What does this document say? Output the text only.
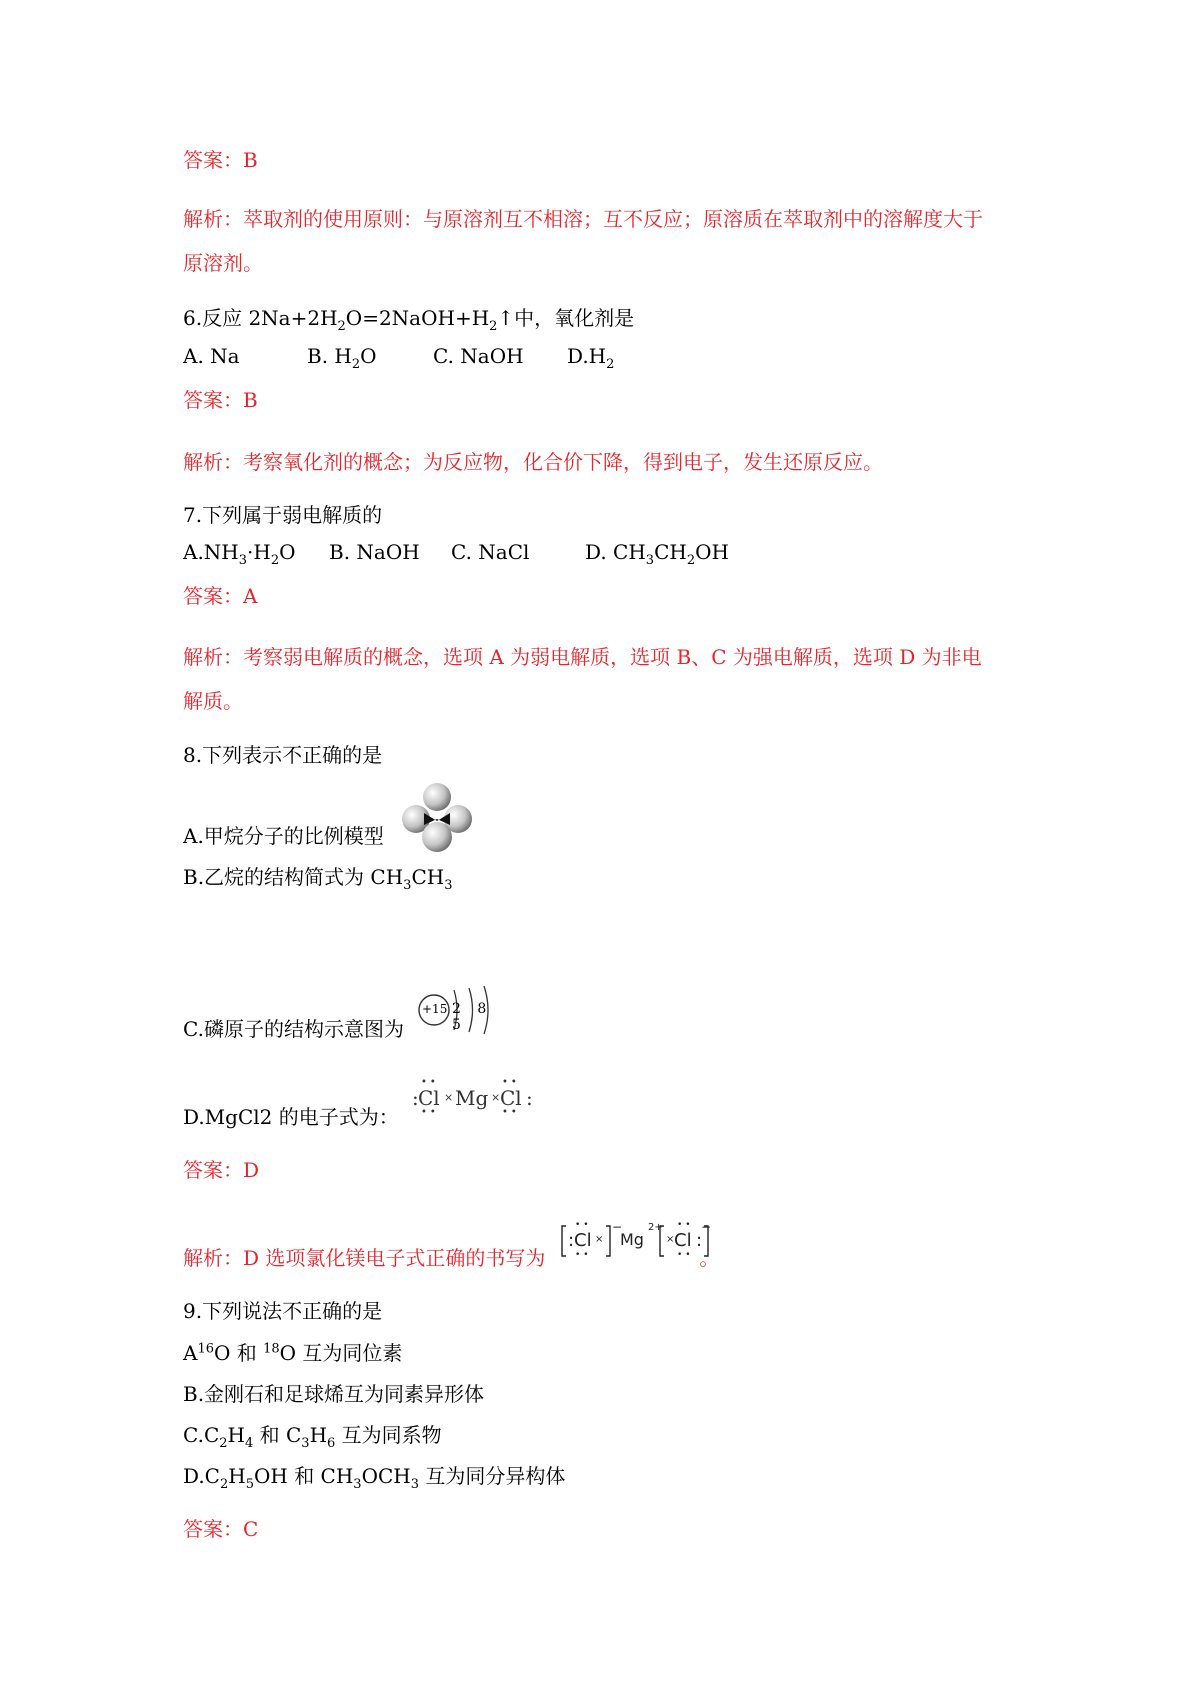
答案：B
解析：萃取剂的使用原则：与原溶剂互不相溶；互不反应；原溶质在萃取剂中的溶解度大于
原溶剂。
6.反应 $2Na+2H_2O=2NaOH+H_2↑$中，氧化剂是
A. Na	B. $H_2O$	C. NaOH $D.H_2$
答案：B
解析：考察氧化剂的概念；为反应物，化合价下降，得到电子，发生还原反应。
7.下列属于弱电解质的
$A.NH_3\cdot H_2O$ B. NaOH C. NaCl	D. $CH_3CH_2OH$
答案：A
解析：考察弱电解质的概念，选项 A 为弱电解质，选项 B、C 为强电解质，选项 D 为非电
解质。
8.下列表示不正确的是
A.甲烷分子的比例模型
B.乙烷的结构简式为 $CH_3CH_3$
+15 2 8 5
C.磷原子的结构示意图为
:
••
Cl
••
× Mg ×
••
Cl
••
:
D.MgCl2 的电子式为：
答案：D
解析：D 选项氯化镁电子式正确的书写为	。
:
••
Cl
••
×
−
Mg
2+
×
••
Cl
••
:
−
9.下列说法不正确的是
$A^{16}O$ 和 $^{18}$O 互为同位素
B.金刚石和足球烯互为同素异形体
$C.C_2H_4$ 和 $C_3H_6$ 互为同系物
$D.C_2H_5OH$ 和 $CH_3OCH_3$ 互为同分异构体
答案：C
